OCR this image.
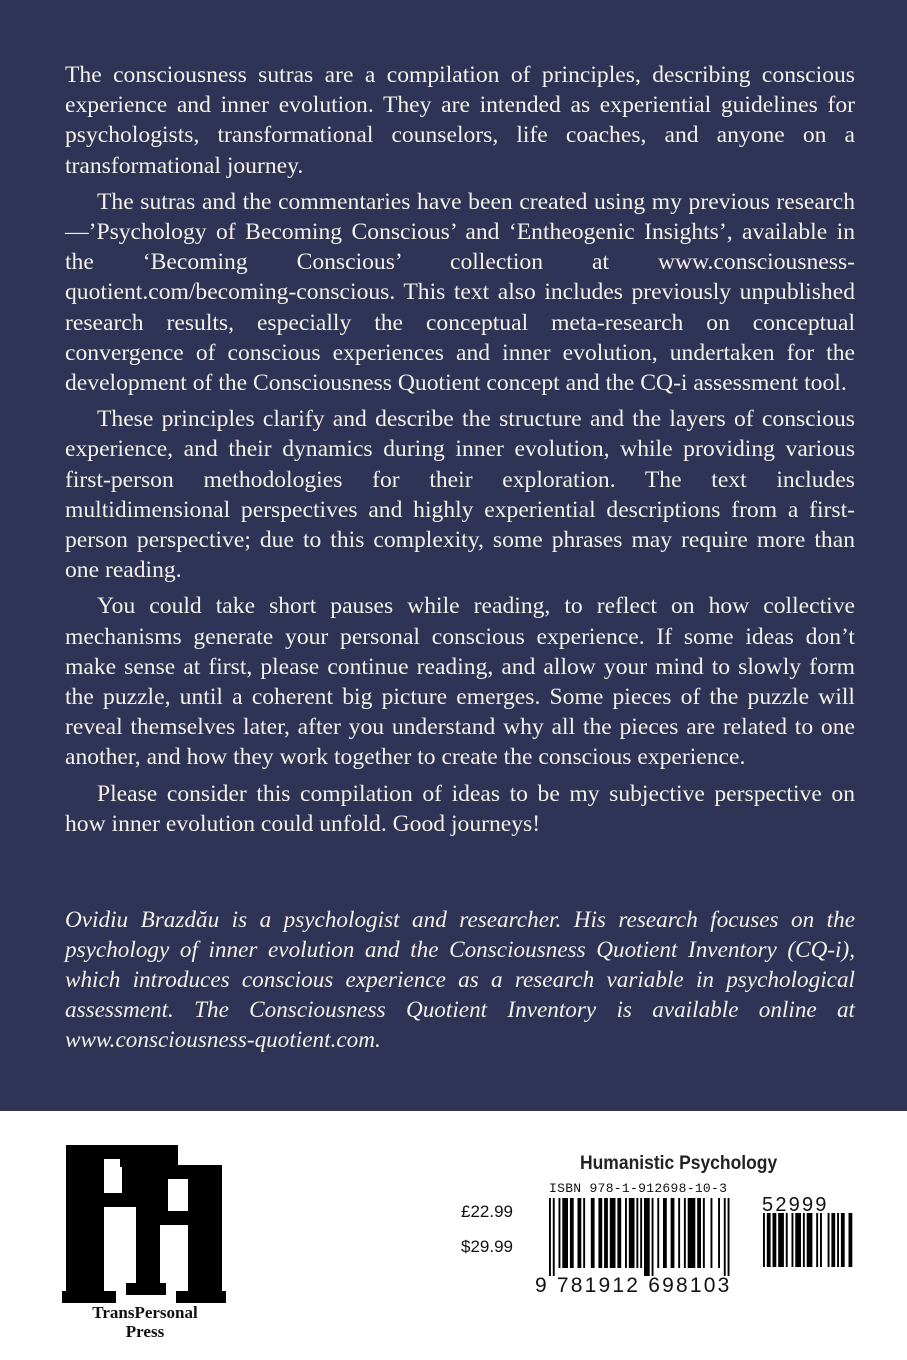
The consciousness sutras are a compilation of principles, describing conscious experience and inner evolution. They are intended as experiential guidelines for psychologists, transformational counselors, life coaches, and anyone on a transformational journey.

The sutras and the commentaries have been created using my previous research—’Psychology of Becoming Conscious’ and ‘Entheogenic Insights’, available in the ‘Becoming Conscious’ collection at www.consciousness-quotient.com/becoming-conscious. This text also includes previously unpublished research results, especially the conceptual meta-research on conceptual convergence of conscious experiences and inner evolution, undertaken for the development of the Consciousness Quotient concept and the CQ-i assessment tool.

These principles clarify and describe the structure and the layers of conscious experience, and their dynamics during inner evolution, while providing various first-person methodologies for their exploration. The text includes multidimensional perspectives and highly experiential descriptions from a first-person perspective; due to this complexity, some phrases may require more than one reading.

You could take short pauses while reading, to reflect on how collective mechanisms generate your personal conscious experience. If some ideas don’t make sense at first, please continue reading, and allow your mind to slowly form the puzzle, until a coherent big picture emerges. Some pieces of the puzzle will reveal themselves later, after you understand why all the pieces are related to one another, and how they work together to create the conscious experience.

Please consider this compilation of ideas to be my subjective perspective on how inner evolution could unfold. Good journeys!

Ovidiu Brazdău is a psychologist and researcher. His research focuses on the psychology of inner evolution and the Consciousness Quotient Inventory (CQ-i), which introduces conscious experience as a research variable in psychological assessment. The Consciousness Quotient Inventory is available online at www.consciousness-quotient.com.
TransPersonal
Press
Humanistic Psychology
ISBN 978-1-912698-10-3
£22.99
$29.99
9 781912 698103
52999
